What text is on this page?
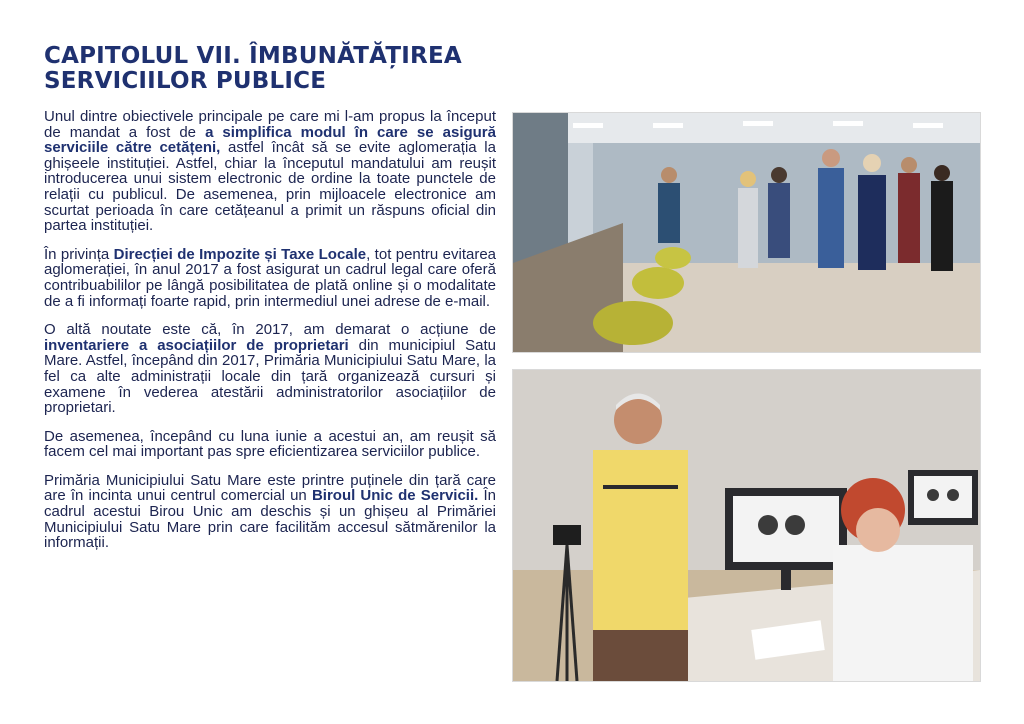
CAPITOLUL VII. ÎMBUNĂTĂȚIREA
SERVICIILOR PUBLICE

Unul dintre obiectivele principale pe care mi l-am propus la început de mandat a fost de a simplifica modul în care se asigură serviciile către cetățeni, astfel încât să se evite aglomerația la ghișeele instituției. Astfel, chiar la începutul mandatului am reușit introducerea unui sistem electronic de ordine la toate punctele de relații cu publicul. De asemenea, prin mijloacele electronice am scurtat perioada în care cetățeanul a primit un răspuns oficial din partea instituției.

În privința Direcției de Impozite și Taxe Locale, tot pentru evitarea aglomerației, în anul 2017 a fost asigurat un cadrul legal care oferă contribuabililor pe lângă posibilitatea de plată online și o modalitate de a fi informați foarte rapid, prin intermediul unei adrese de e-mail.

O altă noutate este că, în 2017, am demarat o acțiune de inventariere a asociațiilor de proprietari din municipiul Satu Mare. Astfel, începând din 2017, Primăria Municipiului Satu Mare, la fel ca alte administrații locale din țară organizează cursuri și examene în vederea atestării administratorilor asociațiilor de proprietari.

De asemenea, începând cu luna iunie a acestui an, am reușit să facem cel mai important pas spre eficientizarea serviciilor publice.

Primăria Municipiului Satu Mare este printre puținele din țară care are în incinta unui centrul comercial un Biroul Unic de Servicii. În cadrul acestui Birou Unic am deschis și un ghișeu al Primăriei Municipiului Satu Mare prin care facilităm accesul sătmărenilor la informații.
